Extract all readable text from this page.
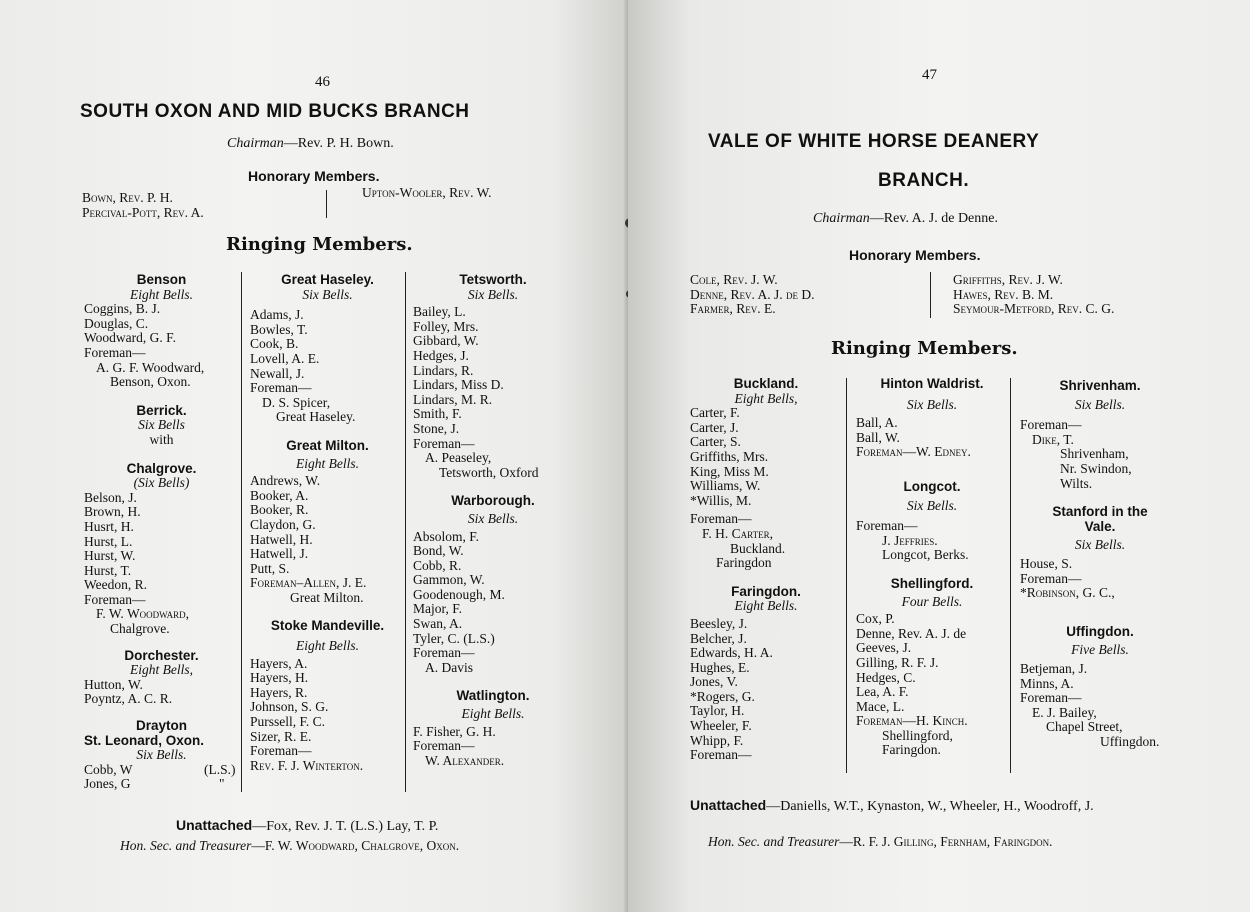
46
SOUTH OXON AND MID BUCKS BRANCH
Chairman—Rev. P. H. Bown.
Honorary Members.
Bown, Rev. P. H.
Percival-Pott, Rev. A.
Upton-Wooler, Rev. W.
Ringing Members.
Benson
Eight Bells.
Coggins, B. J.
Douglas, C.
Woodward, G. F.
Foreman—
A. G. F. Woodward,
Benson, Oxon.
Berrick.
Six Bells
with
Chalgrove.
(Six Bells)
Belson, J.
Brown, H.
Husrt, H.
Hurst, L.
Hurst, W.
Hurst, T.
Weedon, R.
Foreman—
F. W. Woodward,
Chalgrove.
Dorchester.
Eight Bells,
Hutton, W.
Poyntz, A. C. R.
Drayton
St. Leonard, Oxon.
Six Bells.
Cobb, W	(L.S.)
Jones, G	"
Great Haseley.
Six Bells.
Adams, J.
Bowles, T.
Cook, B.
Lovell, A. E.
Newall, J.
Foreman—
D. S. Spicer,
Great Haseley.
Great Milton.
Eight Bells.
Andrews, W.
Booker, A.
Booker, R.
Claydon, G.
Hatwell, H.
Hatwell, J.
Putt, S.
Foreman–Allen, J. E.
Great Milton.
Stoke Mandeville.
Eight Bells.
Hayers, A.
Hayers, H.
Hayers, R.
Johnson, S. G.
Purssell, F. C.
Sizer, R. E.
Foreman—
Rev. F. J. Winterton.
Tetsworth.
Six Bells.
Bailey, L.
Folley, Mrs.
Gibbard, W.
Hedges, J.
Lindars, R.
Lindars, Miss D.
Lindars, M. R.
Smith, F.
Stone, J.
Foreman—
A. Peaseley,
Tetsworth, Oxford
Warborough.
Six Bells.
Absolom, F.
Bond, W.
Cobb, R.
Gammon, W.
Goodenough, M.
Major, F.
Swan, A.
Tyler, C. (L.S.)
Foreman—
A. Davis
Watlington.
Eight Bells.
F. Fisher, G. H.
Foreman—
W. Alexander.
Unattached—Fox, Rev. J. T. (L.S.) Lay, T. P.
Hon. Sec. and Treasurer—F. W. Woodward, Chalgrove, Oxon.
47
VALE OF WHITE HORSE DEANERY
BRANCH.
Chairman—Rev. A. J. de Denne.
Honorary Members.
Cole, Rev. J. W.
Denne, Rev. A. J. de D.
Farmer, Rev. E.
Griffiths, Rev. J. W.
Hawes, Rev. B. M.
Seymour-Metford, Rev. C. G.
Ringing Members.
Buckland.
Eight Bells,
Carter, F.
Carter, J.
Carter, S.
Griffiths, Mrs.
King, Miss M.
Williams, W.
*Willis, M.
Foreman—
F. H. Carter,
Buckland.
Faringdon
Faringdon.
Eight Bells.
Beesley, J.
Belcher, J.
Edwards, H. A.
Hughes, E.
Jones, V.
*Rogers, G.
Taylor, H.
Wheeler, F.
Whipp, F.
Foreman—
Hinton Waldrist.
Six Bells.
Ball, A.
Ball, W.
Foreman—W. Edney.
Longcot.
Six Bells.
Foreman—
J. Jeffries.
Longcot, Berks.
Shellingford.
Four Bells.
Cox, P.
Denne, Rev. A. J. de
Geeves, J.
Gilling, R. F. J.
Hedges, C.
Lea, A. F.
Mace, L.
Foreman—H. Kinch.
Shellingford,
Faringdon.
Shrivenham.
Six Bells.
Foreman—
Dike, T.
Shrivenham,
Nr. Swindon,
Wilts.
Stanford in the
Vale.
Six Bells.
House, S.
Foreman—
*Robinson, G. C.,
Uffingdon.
Five Bells.
Betjeman, J.
Minns, A.
Foreman—
E. J. Bailey,
Chapel Street,
Uffingdon.
Unattached—Daniells, W.T., Kynaston, W., Wheeler, H., Woodroff, J.
Hon. Sec. and Treasurer—R. F. J. Gilling, Fernham, Faringdon.
